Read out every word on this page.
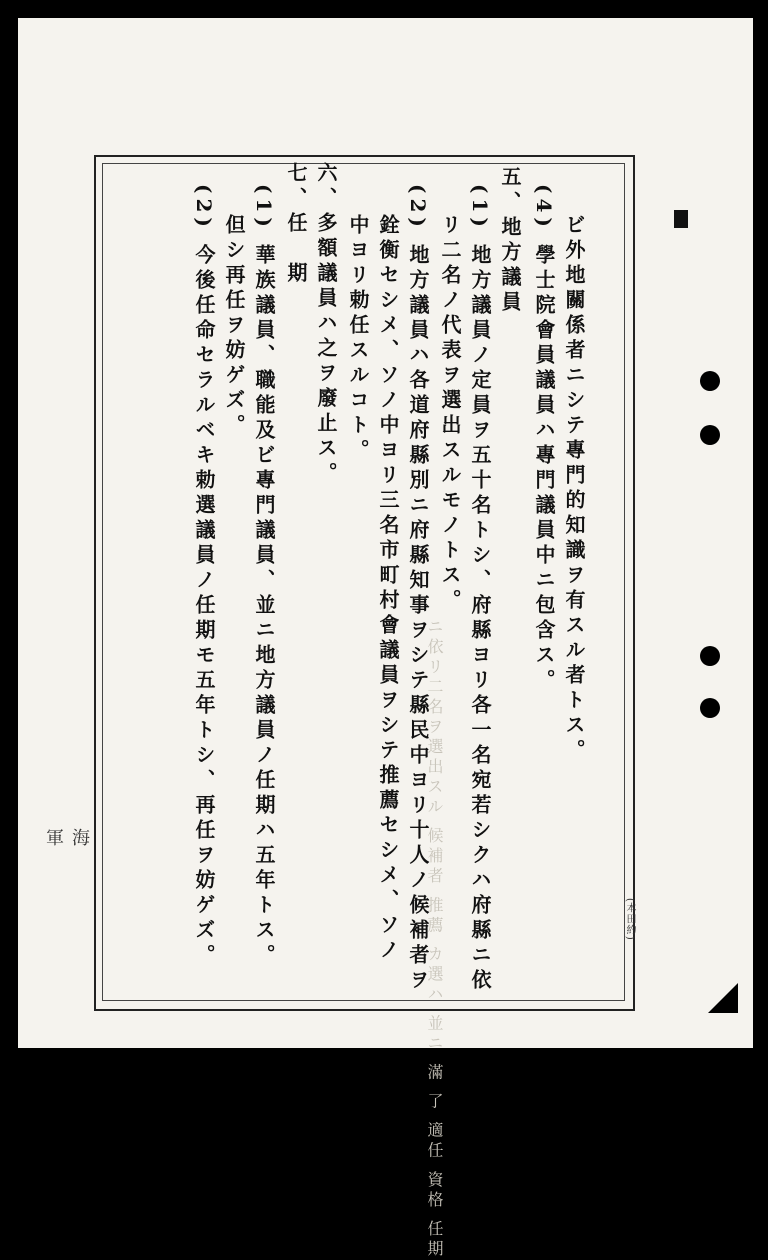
ニ依リ二名ヲ選出スル 候補者 推薦 カ選ハ 並ニ 滿 了 適任 資格 任期
海　軍
(本田約)
ビ外地關係者ニシテ專門的知識ヲ有スル者トス。
(4) 學士院會員議員ハ專門議員中ニ包含ス。
五、地方議員
(1) 地方議員ノ定員ヲ五十名トシ、府縣ヨリ各一名宛若シクハ府縣ニ依
リ二名ノ代表ヲ選出スルモノトス。
(2) 地方議員ハ各道府縣別ニ府縣知事ヲシテ縣民中ヨリ十人ノ候補者ヲ
銓衡セシメ、ソノ中ヨリ三名市町村會議員ヲシテ推薦セシメ、ソノ
中ヨリ勅任スルコト。
六、多額議員ハ之ヲ廢止ス。
七、任　期
(1) 華族議員、職能及ビ專門議員、並ニ地方議員ノ任期ハ五年トス。
但シ再任ヲ妨ゲズ。
(2) 今後任命セラルベキ勅選議員ノ任期モ五年トシ、再任ヲ妨ゲズ。
